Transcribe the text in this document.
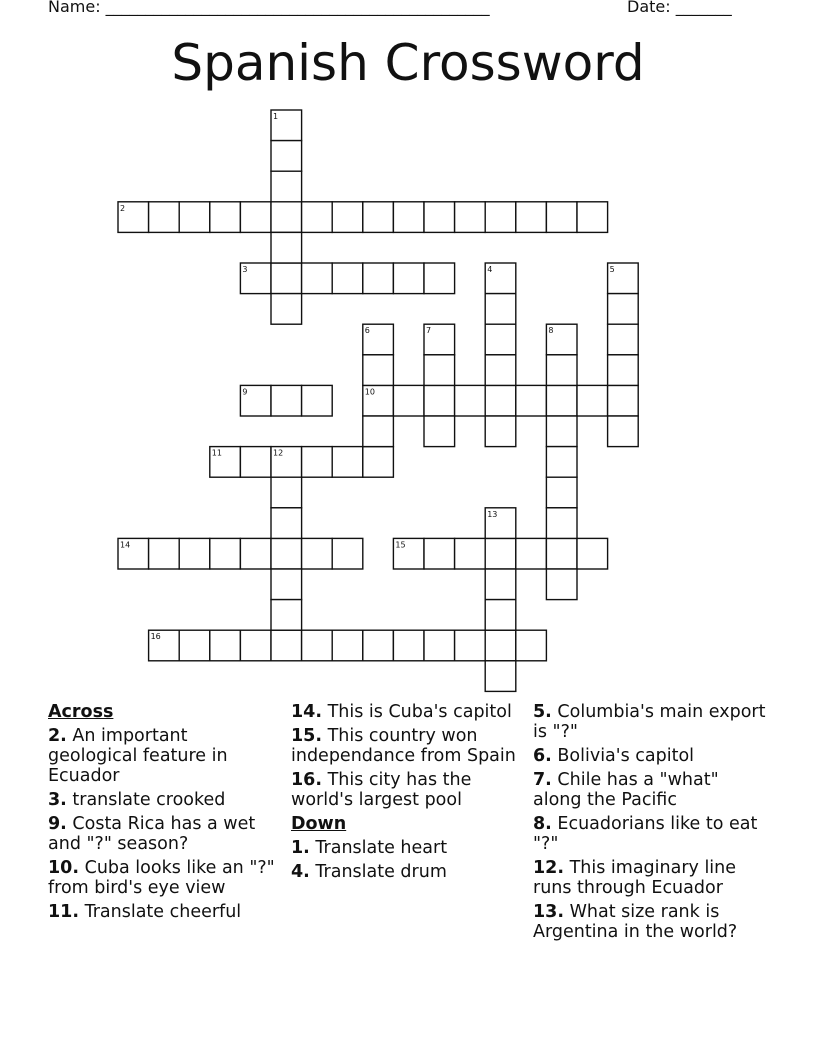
Name: ________________________________________________	Date: _______
Spanish Crossword
2
3
9	10
11
14	15
16
1
4	5
6	7	8
12
13
Across
2. An important geological feature in Ecuador
3. translate crooked
9. Costa Rica has a wet and "?" season?
10. Cuba looks like an "?" from bird's eye view
11. Translate cheerful
14. This is Cuba's capitol
15. This country won independance from Spain
16. This city has the world's largest pool
Down
1. Translate heart
4. Translate drum
5. Columbia's main export is "?"
6. Bolivia's capitol
7. Chile has a "what" along the Pacific
8. Ecuadorians like to eat "?"
12. This imaginary line runs through Ecuador
13. What size rank is Argentina in the world?
